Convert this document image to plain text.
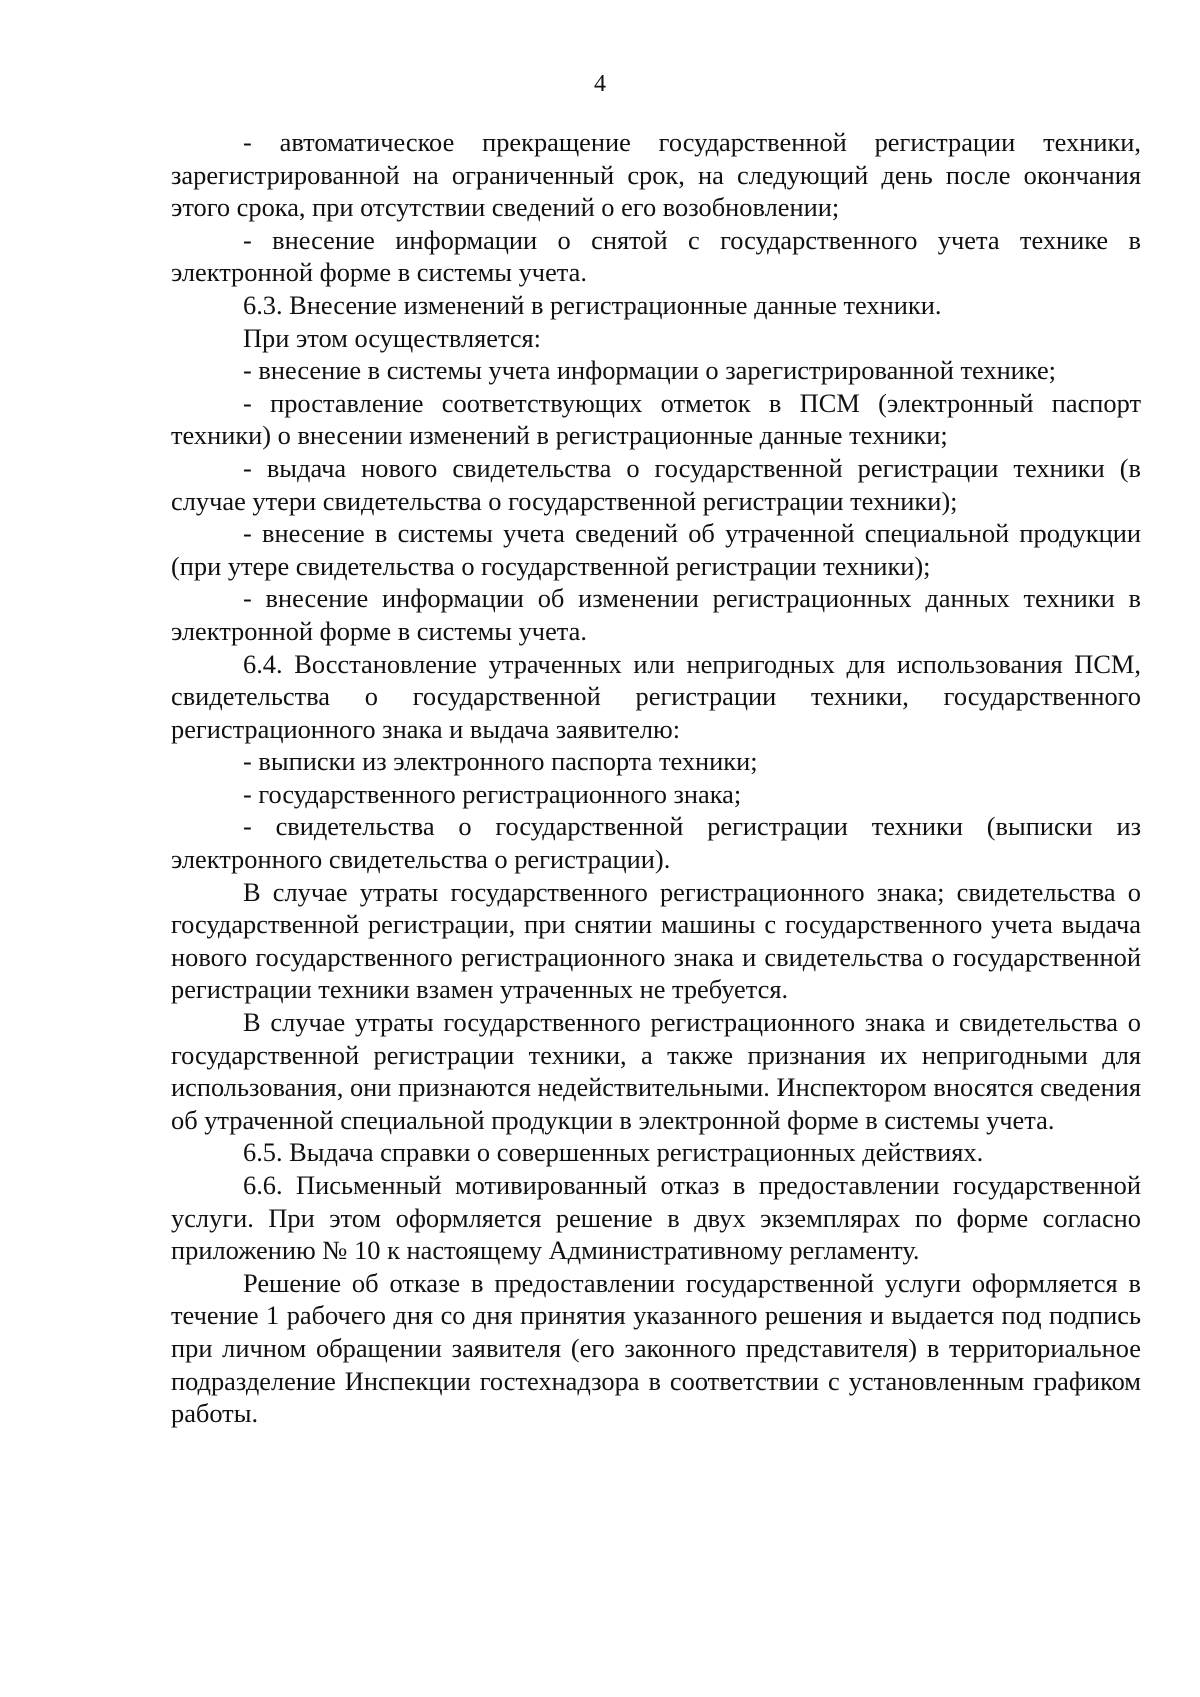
4

- автоматическое прекращение государственной регистрации техники, зарегистрированной на ограниченный срок, на следующий день после окончания этого срока, при отсутствии сведений о его возобновлении;

- внесение информации о снятой с государственного учета технике в электронной форме в системы учета.

6.3. Внесение изменений в регистрационные данные техники.

При этом осуществляется:

- внесение в системы учета информации о зарегистрированной технике;

- проставление соответствующих отметок в ПСМ (электронный паспорт техники) о внесении изменений в регистрационные данные техники;

- выдача нового свидетельства о государственной регистрации техники (в случае утери свидетельства о государственной регистрации техники);

- внесение в системы учета сведений об утраченной специальной продукции (при утере свидетельства о государственной регистрации техники);

- внесение информации об изменении регистрационных данных техники в электронной форме в системы учета.

6.4. Восстановление утраченных или непригодных для использования ПСМ, свидетельства о государственной регистрации техники, государственного регистрационного знака и выдача заявителю:

- выписки из электронного паспорта техники;

- государственного регистрационного знака;

- свидетельства о государственной регистрации техники (выписки из электронного свидетельства о регистрации).

В случае утраты государственного регистрационного знака; свидетельства о государственной регистрации, при снятии машины с государственного учета выдача нового государственного регистрационного знака и свидетельства о государственной регистрации техники взамен утраченных не требуется.

В случае утраты государственного регистрационного знака и свидетельства о государственной регистрации техники, а также признания их непригодными для использования, они признаются недействительными. Инспектором вносятся сведения об утраченной специальной продукции в электронной форме в системы учета.

6.5. Выдача справки о совершенных регистрационных действиях.

6.6. Письменный мотивированный отказ в предоставлении государственной услуги. При этом оформляется решение в двух экземплярах по форме согласно приложению № 10 к настоящему Административному регламенту.

Решение об отказе в предоставлении государственной услуги оформляется в течение 1 рабочего дня со дня принятия указанного решения и выдается под подпись при личном обращении заявителя (его законного представителя) в территориальное подразделение Инспекции гостехнадзора в соответствии с установленным графиком работы.
